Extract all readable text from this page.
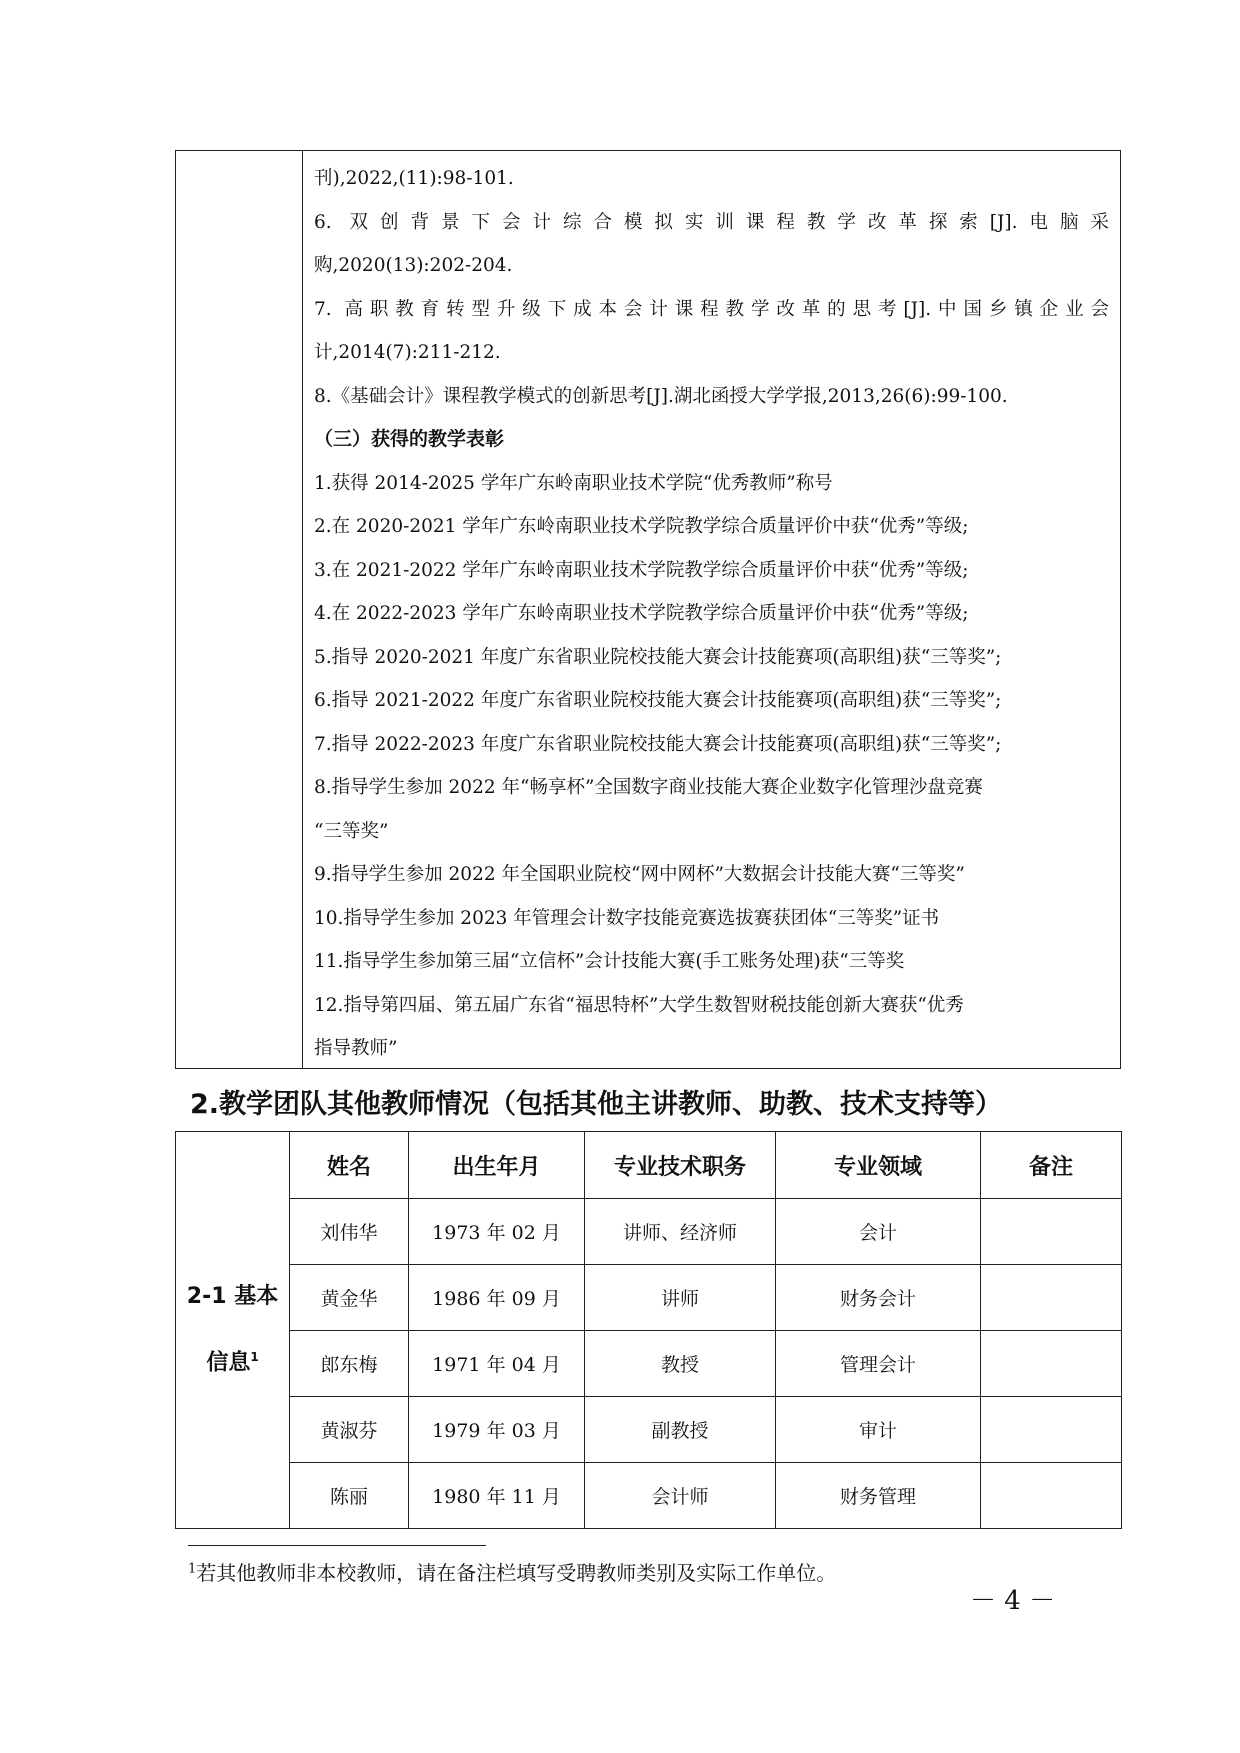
刊),2022,(11):98-101.
6. 双创背景下会计综合模拟实训课程教学改革探索[J].电脑采
购,2020(13):202-204.
7. 高职教育转型升级下成本会计课程教学改革的思考[J].中国乡镇企业会
计,2014(7):211-212.
8.《基础会计》课程教学模式的创新思考[J].湖北函授大学学报,2013,26(6):99-100.
（三）获得的教学表彰
1.获得 2014-2025 学年广东岭南职业技术学院“优秀教师”称号
2.在 2020-2021 学年广东岭南职业技术学院教学综合质量评价中获“优秀”等级;
3.在 2021-2022 学年广东岭南职业技术学院教学综合质量评价中获“优秀”等级;
4.在 2022-2023 学年广东岭南职业技术学院教学综合质量评价中获“优秀”等级;
5.指导 2020-2021 年度广东省职业院校技能大赛会计技能赛项(高职组)获“三等奖”;
6.指导 2021-2022 年度广东省职业院校技能大赛会计技能赛项(高职组)获“三等奖”;
7.指导 2022-2023 年度广东省职业院校技能大赛会计技能赛项(高职组)获“三等奖”;
8.指导学生参加 2022 年“畅享杯”全国数字商业技能大赛企业数字化管理沙盘竞赛
“三等奖”
9.指导学生参加 2022 年全国职业院校“网中网杯”大数据会计技能大赛“三等奖”
10.指导学生参加 2023 年管理会计数字技能竞赛选拔赛获团体“三等奖”证书
11.指导学生参加第三届“立信杯”会计技能大赛(手工账务处理)获“三等奖
12.指导第四届、第五届广东省“福思特杯”大学生数智财税技能创新大赛获“优秀
指导教师”
2.教学团队其他教师情况（包括其他主讲教师、助教、技术支持等）
2-1 基本
信息$^1$	姓名	出生年月	专业技术职务	专业领域	备注
	刘伟华	1973 年 02 月	讲师、经济师	会计	
	黄金华	1986 年 09 月	讲师	财务会计	
	郎东梅	1971 年 04 月	教授	管理会计	
	黄淑芬	1979 年 03 月	副教授	审计	
	陈丽	1980 年 11 月	会计师	财务管理	
$^1$若其他教师非本校教师，请在备注栏填写受聘教师类别及实际工作单位。
－ 4 －
